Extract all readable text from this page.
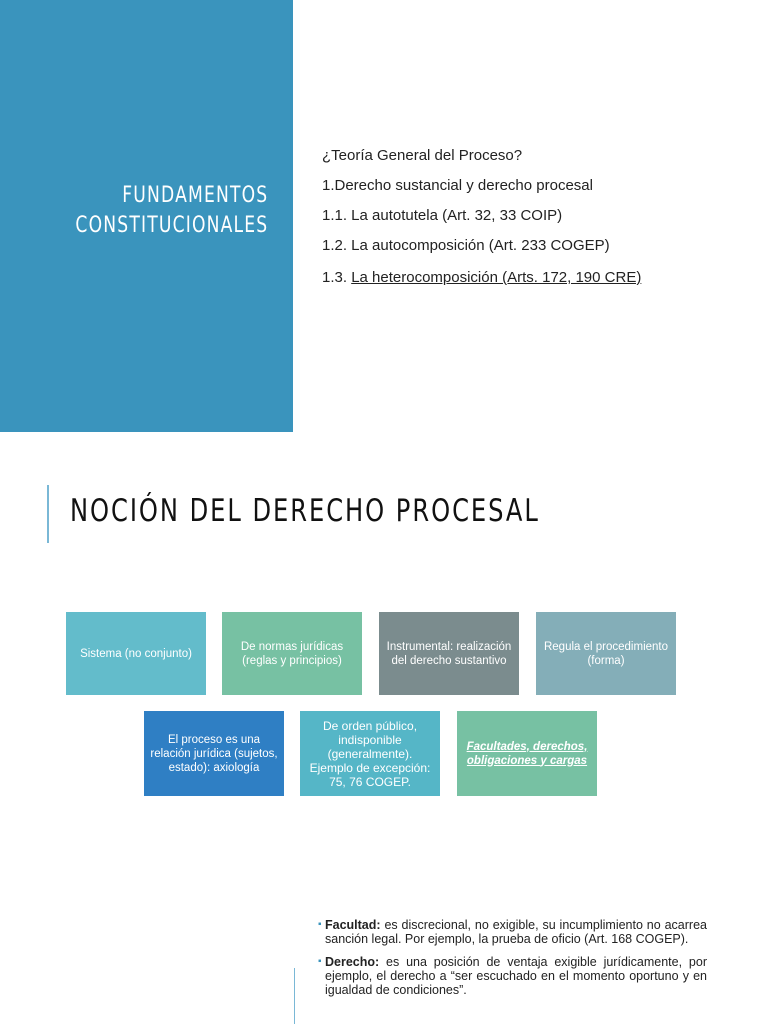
FUNDAMENTOS
CONSTITUCIONALES
¿Teoría General del Proceso?
1.Derecho sustancial y derecho procesal
1.1. La autotutela (Art. 32, 33 COIP)
1.2. La autocomposición (Art. 233 COGEP)
1.3. La heterocomposición (Arts. 172, 190 CRE)
NOCIÓN DEL DERECHO PROCESAL
Sistema (no conjunto)
De normas jurídicas (reglas y principios)
Instrumental: realización del derecho sustantivo
Regula el procedimiento (forma)
El proceso es una relación jurídica (sujetos, estado): axiología
De orden público, indisponible (generalmente). Ejemplo de excepción: 75, 76 COGEP.
Facultades, derechos, obligaciones y cargas

▪ Facultad: es discrecional, no exigible, su incumplimiento no acarrea sanción legal. Por ejemplo, la prueba de oficio (Art. 168 COGEP).

▪ Derecho: es una posición de ventaja exigible jurídicamente, por ejemplo, el derecho a “ser escuchado en el momento oportuno y en igualdad de condiciones”.
